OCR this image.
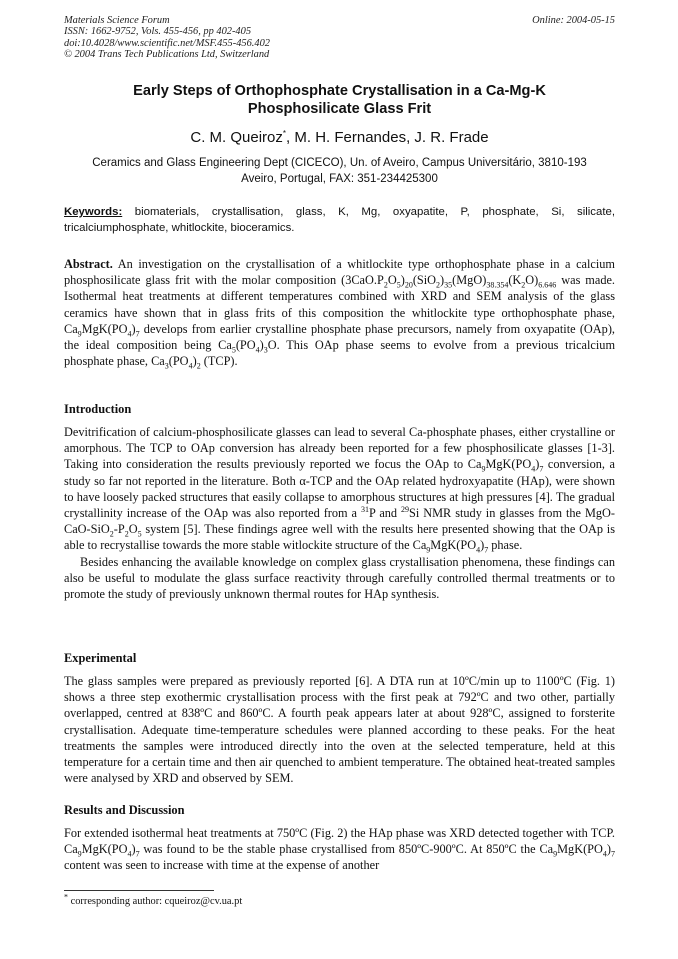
Materials Science Forum
ISSN: 1662-9752, Vols. 455-456, pp 402-405
doi:10.4028/www.scientific.net/MSF.455-456.402
© 2004 Trans Tech Publications Ltd, Switzerland
Online: 2004-05-15
Early Steps of Orthophosphate Crystallisation in a Ca-Mg-K
Phosphosilicate Glass Frit
C. M. Queiroz*, M. H. Fernandes, J. R. Frade
Ceramics and Glass Engineering Dept (CICECO), Un. of Aveiro, Campus Universitário, 3810-193
Aveiro, Portugal, FAX: 351-234425300
Keywords: biomaterials, crystallisation, glass, K, Mg, oxyapatite, P, phosphate, Si, silicate, tricalciumphosphate, whitlockite, bioceramics.
Abstract. An investigation on the crystallisation of a whitlockite type orthophosphate phase in a calcium phosphosilicate glass frit with the molar composition $(3CaO.P_2O_5)_{20}(SiO_2)_{35}(MgO)_{38.354}(K_2O)_{6.646}$ was made. Isothermal heat treatments at different temperatures combined with XRD and SEM analysis of the glass ceramics have shown that in glass frits of this composition the whitlockite type orthophosphate phase, $Ca_9MgK(PO_4)_7$ develops from earlier crystalline phosphate phase precursors, namely from oxyapatite (OAp), the ideal composition being $Ca_5(PO_4)_3O$. This OAp phase seems to evolve from a previous tricalcium phosphate phase, $Ca_3(PO_4)_2$ (TCP).
Introduction
Devitrification of calcium-phosphosilicate glasses can lead to several Ca-phosphate phases, either crystalline or amorphous. The TCP to OAp conversion has already been reported for a few phosphosilicate glasses [1-3]. Taking into consideration the results previously reported we focus the OAp to $Ca_9MgK(PO_4)_7$ conversion, a study so far not reported in the literature. Both α-TCP and the OAp related hydroxyapatite (HAp), were shown to have loosely packed structures that easily collapse to amorphous structures at high pressures [4]. The gradual crystallinity increase of the OAp was also reported from a $^{31}$P and $^{29}$Si NMR study in glasses from the MgO-$CaO-SiO_2-P_2O_5$ system [5]. These findings agree well with the results here presented showing that the OAp is able to recrystallise towards the more stable witlockite structure of the $Ca_9MgK(PO_4)_7$ phase.
Besides enhancing the available knowledge on complex glass crystallisation phenomena, these findings can also be useful to modulate the glass surface reactivity through carefully controlled thermal treatments or to promote the study of previously unknown thermal routes for HAp synthesis.
Experimental
The glass samples were prepared as previously reported [6]. A DTA run at 10ºC/min up to 1100ºC (Fig. 1) shows a three step exothermic crystallisation process with the first peak at 792ºC and two other, partially overlapped, centred at 838ºC and 860ºC. A fourth peak appears later at about 928ºC, assigned to forsterite crystallisation. Adequate time-temperature schedules were planned according to these peaks. For the heat treatments the samples were introduced directly into the oven at the selected temperature, held at this temperature for a certain time and then air quenched to ambient temperature. The obtained heat-treated samples were analysed by XRD and observed by SEM.
Results and Discussion
For extended isothermal heat treatments at 750ºC (Fig. 2) the HAp phase was XRD detected together with TCP. $Ca_9MgK(PO_4)_7$ was found to be the stable phase crystallised from 850ºC-900ºC. At 850ºC the $Ca_9MgK(PO_4)_7$ content was seen to increase with time at the expense of another
* corresponding author: cqueiroz@cv.ua.pt
